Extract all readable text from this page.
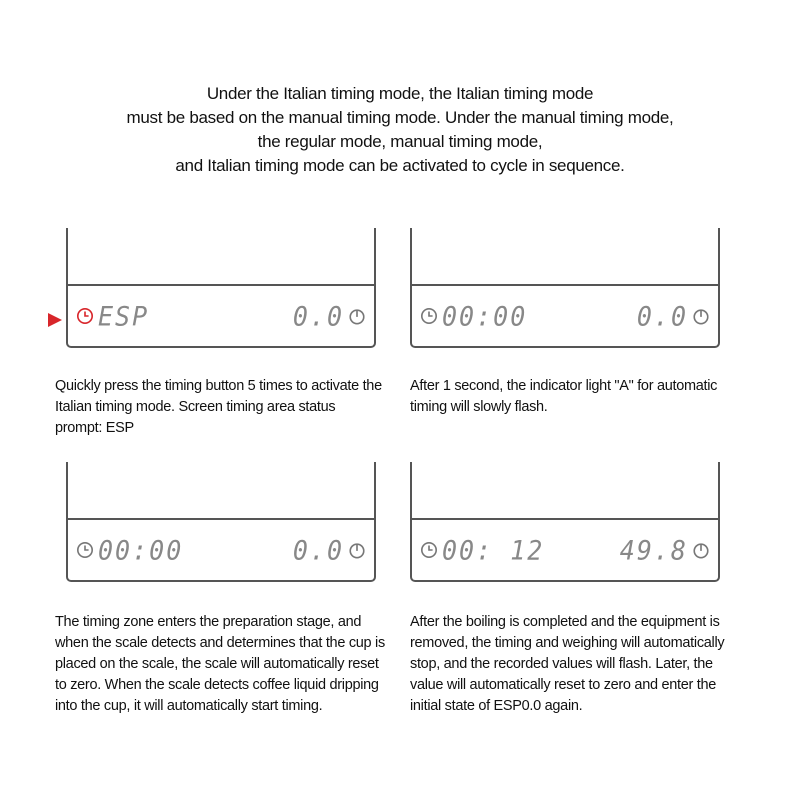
Under the Italian timing mode, the Italian timing mode
must be based on the manual timing mode. Under the manual timing mode,
the regular mode, manual timing mode,
and Italian timing mode can be activated to cycle in sequence.
ESP	0.0
Quickly press the timing button 5 times to activate the Italian timing mode. Screen timing area status prompt: ESP
00:00	0.0
After 1 second, the indicator light "A" for automatic timing will slowly flash.
00:00	0.0
The timing zone enters the preparation stage, and when the scale detects and determines that the cup is placed on the scale, the scale will automatically reset to zero. When the scale detects coffee liquid dripping into the cup, it will automatically start timing.
00: 12	49.8
After the boiling is completed and the equipment is removed, the timing and weighing will automatically stop, and the recorded values will flash. Later, the value will automatically reset to zero and enter the initial state of ESP0.0 again.
